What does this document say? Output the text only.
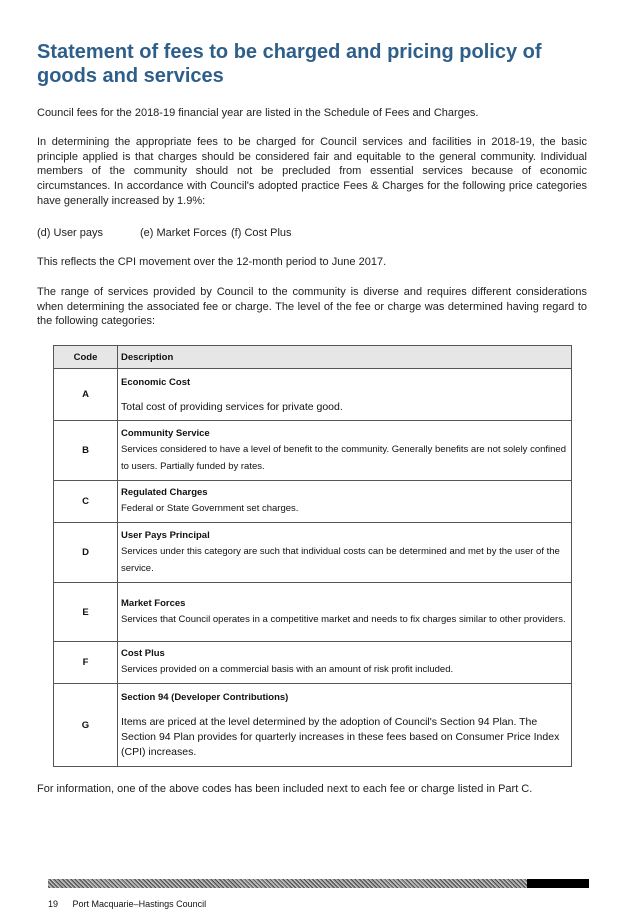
Statement of fees to be charged and pricing policy of goods and services

Council fees for the 2018-19 financial year are listed in the Schedule of Fees and Charges.

In determining the appropriate fees to be charged for Council services and facilities in 2018-19, the basic principle applied is that charges should be considered fair and equitable to the general community. Individual members of the community should not be precluded from essential services because of economic circumstances. In accordance with Council's adopted practice Fees & Charges for the following price categories have generally increased by 1.9%:

(d) User pays	(e) Market Forces (f) Cost Plus

This reflects the CPI movement over the 12-month period to June 2017.

The range of services provided by Council to the community is diverse and requires different considerations when determining the associated fee or charge. The level of the fee or charge was determined having regard to the following categories:

Code	Description
A	Economic Cost
Total cost of providing services for private good.

B	Community Service
Services considered to have a level of benefit to the community. Generally benefits are not solely confined to users. Partially funded by rates.

C	Regulated Charges
Federal or State Government set charges.

D	User Pays Principal
Services under this category are such that individual costs can be determined and met by the user of the service.

E	Market Forces
Services that Council operates in a competitive market and needs to fix charges similar to other providers.

F	Cost Plus
Services provided on a commercial basis with an amount of risk profit included.

G	Section 94 (Developer Contributions)
Items are priced at the level determined by the adoption of Council's Section 94 Plan. The Section 94 Plan provides for quarterly increases in these fees based on Consumer Price Index (CPI) increases.

For information, one of the above codes has been included next to each fee or charge listed in Part C.

19 Port Macquarie–Hastings Council
